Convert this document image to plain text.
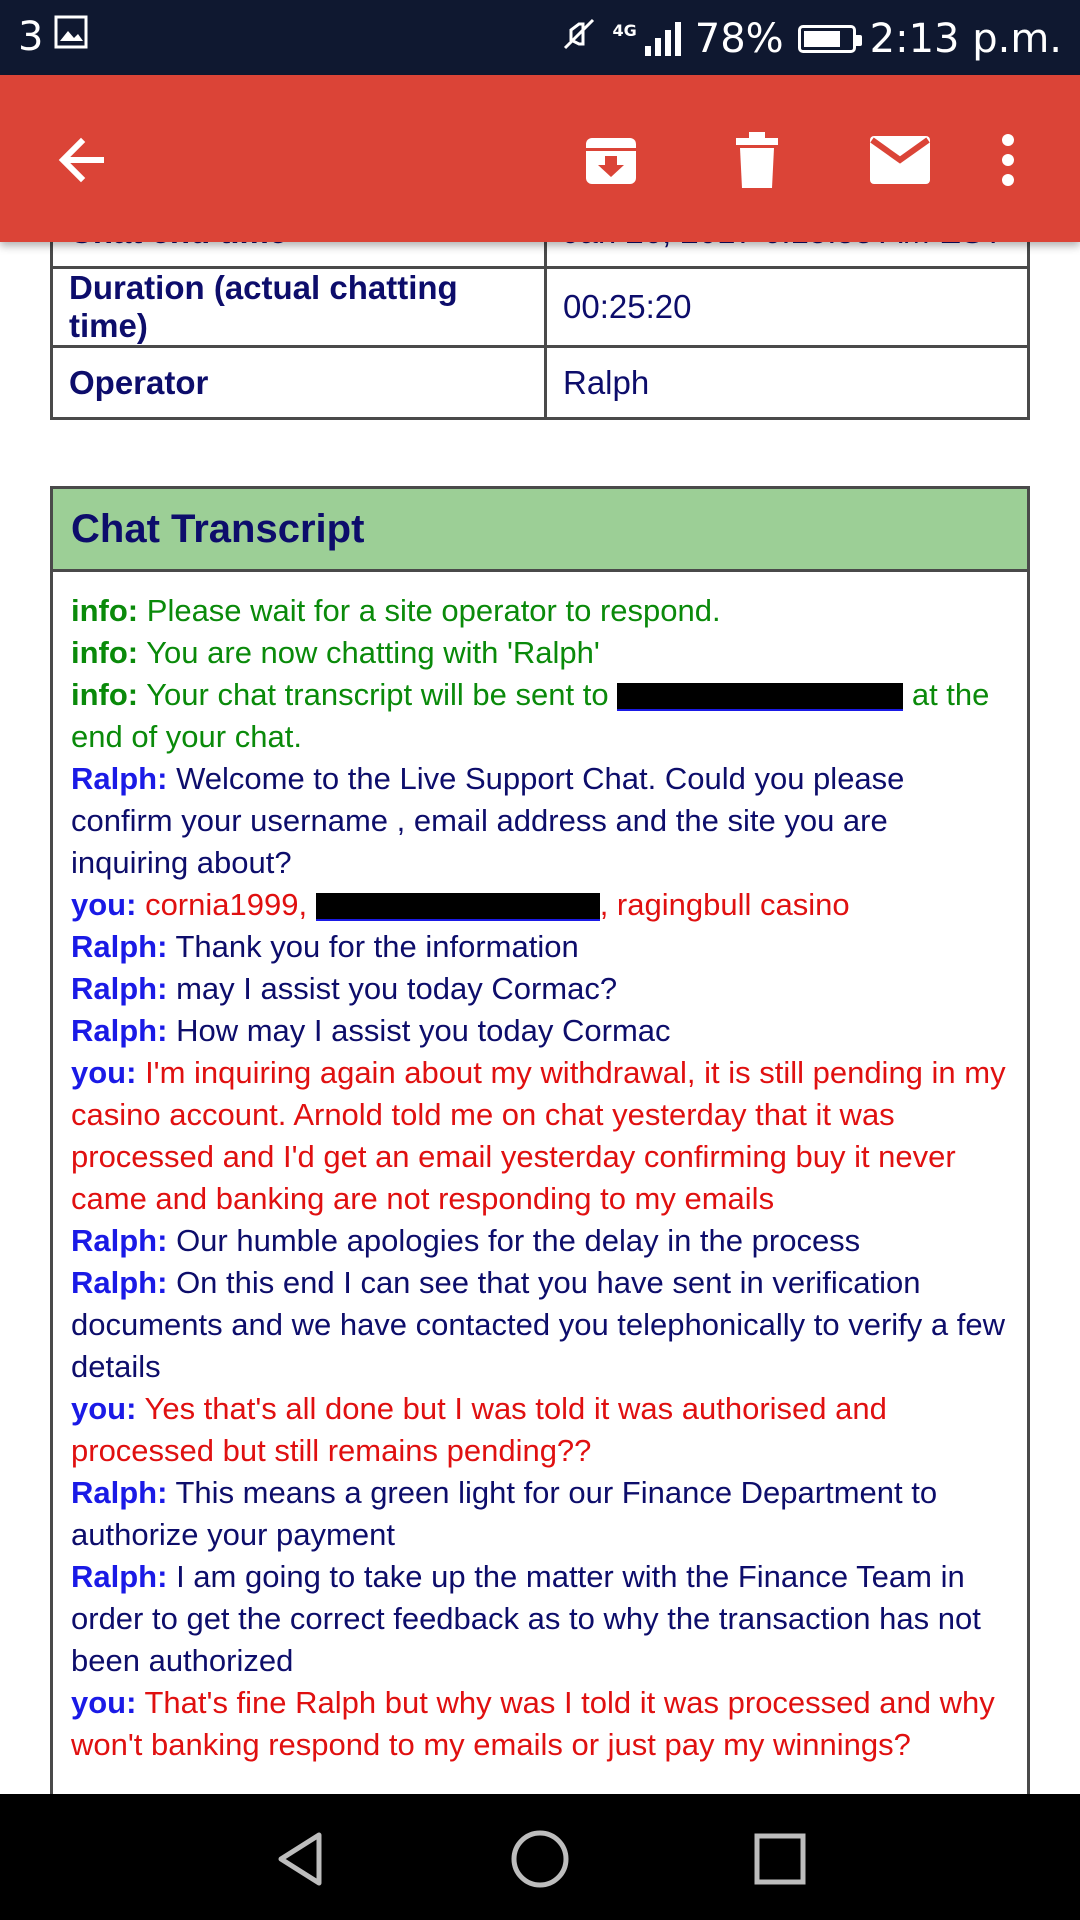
3	4G 78% 2:13 p.m.

Duration (actual chatting time)	00:25:20
Operator	Ralph
Chat Transcript

info: Please wait for a site operator to respond.

info: You are now chatting with 'Ralph'

info: Your chat transcript will be sent to	at the end of your chat.

Ralph: Welcome to the Live Support Chat. Could you please confirm your username , email address and the site you are inquiring about?

you: cornia1999,	, ragingbull casino

Ralph: Thank you for the information

Ralph: may I assist you today Cormac?

Ralph: How may I assist you today Cormac

you: I'm inquiring again about my withdrawal, it is still pending in my casino account. Arnold told me on chat yesterday that it was processed and I'd get an email yesterday confirming buy it never came and banking are not responding to my emails

Ralph: Our humble apologies for the delay in the process

Ralph: On this end I can see that you have sent in verification documents and we have contacted you telephonically to verify a few details

you: Yes that's all done but I was told it was authorised and processed but still remains pending??

Ralph: This means a green light for our Finance Department to authorize your payment

Ralph: I am going to take up the matter with the Finance Team in order to get the correct feedback as to why the transaction has not been authorized

you: That's fine Ralph but why was I told it was processed and why won't banking respond to my emails or just pay my winnings?
